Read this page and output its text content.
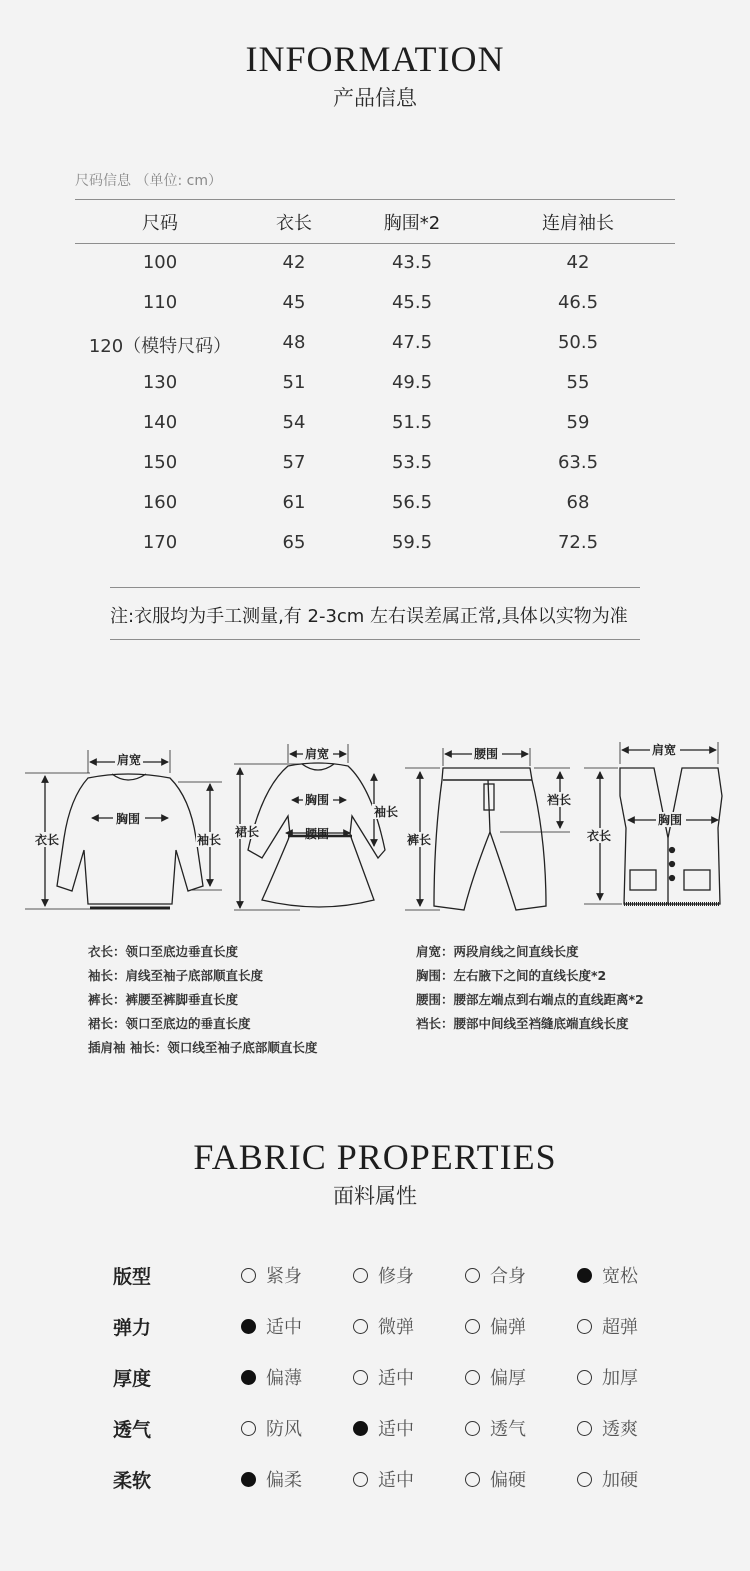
INFORMATION
产品信息
尺码信息 （单位: cm）
尺码	衣长	胸围*2	连肩袖长
100	42	43.5	42
110	45	45.5	46.5
120（模特尺码）	48	47.5	50.5
130	51	49.5	55
140	54	51.5	59
150	57	53.5	63.5
160	61	56.5	68
170	65	59.5	72.5
注:衣服均为手工测量,有 2-3cm 左右误差属正常,具体以实物为准
肩宽
胸围
衣长	袖长
肩宽
胸围
腰围
裙长
袖长
腰围
裤长
裆长
肩宽
胸围
衣长
衣长：领口至底边垂直长度
袖长：肩线至袖子底部顺直长度
裤长：裤腰至裤脚垂直长度
裙长：领口至底边的垂直长度
插肩袖 袖长：领口线至袖子底部顺直长度
肩宽：两段肩线之间直线长度
胸围：左右腋下之间的直线长度*2
腰围：腰部左端点到右端点的直线距离*2
裆长：腰部中间线至裆缝底端直线长度
FABRIC PROPERTIES
面料属性
版型	紧身	修身	合身	宽松
弹力	适中	微弹	偏弹	超弹
厚度	偏薄	适中	偏厚	加厚
透气	防风	适中	透气	透爽
柔软	偏柔	适中	偏硬	加硬
